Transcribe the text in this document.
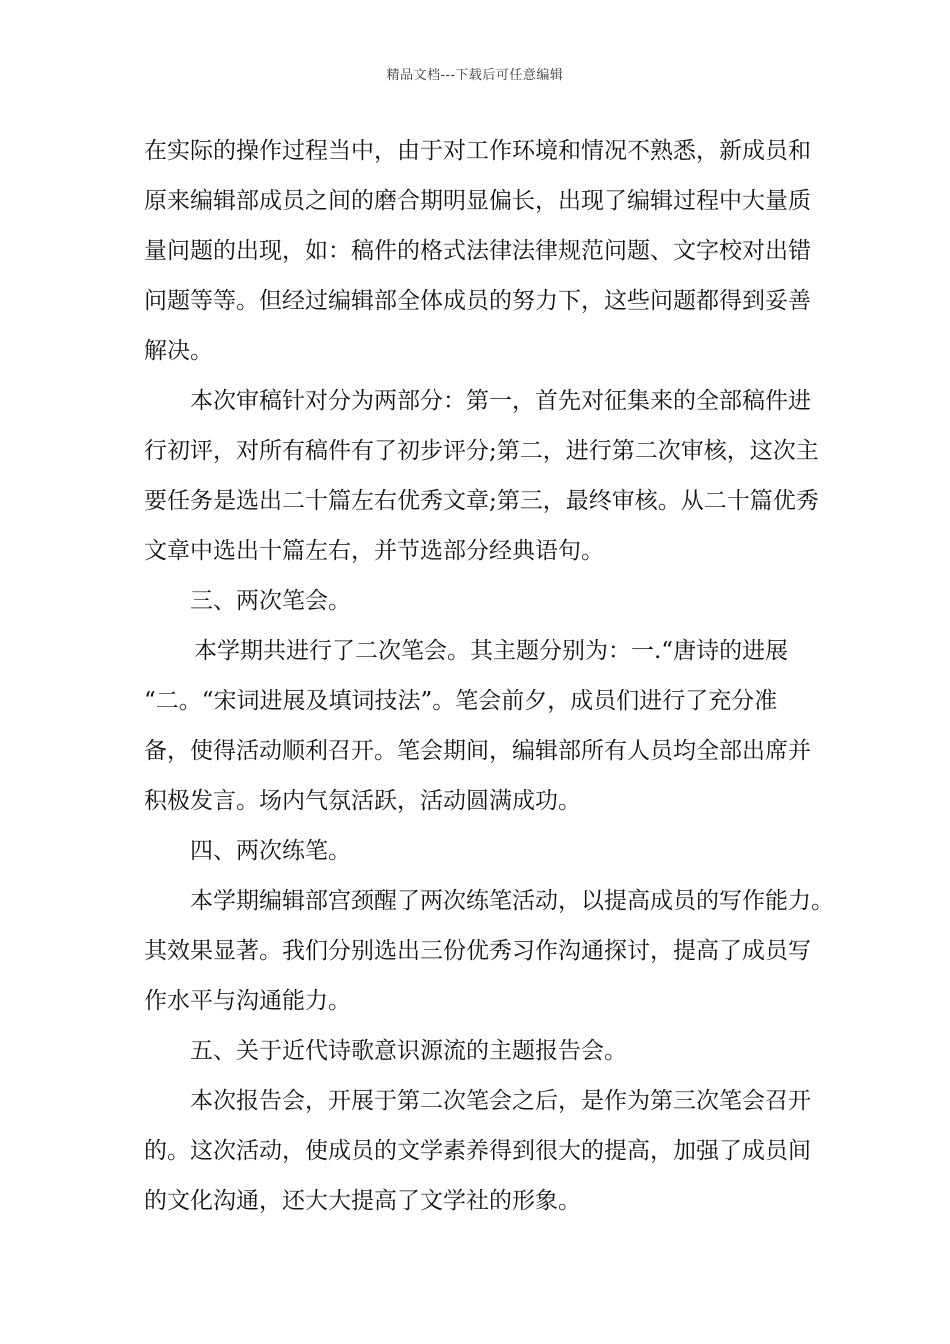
精品文档---下载后可任意编辑
在实际的操作过程当中，由于对工作环境和情况不熟悉，新成员和
原来编辑部成员之间的磨合期明显偏长，出现了编辑过程中大量质
量问题的出现，如：稿件的格式法律法律规范问题、文字校对出错
问题等等。但经过编辑部全体成员的努力下，这些问题都得到妥善
解决。
本次审稿针对分为两部分：第一，首先对征集来的全部稿件进
行初评，对所有稿件有了初步评分;第二，进行第二次审核，这次主
要任务是选出二十篇左右优秀文章;第三，最终审核。从二十篇优秀
文章中选出十篇左右，并节选部分经典语句。
三、两次笔会。
本学期共进行了二次笔会。其主题分别为：一.“唐诗的进展
“二。“宋词进展及填词技法”。笔会前夕，成员们进行了充分准
备，使得活动顺利召开。笔会期间，编辑部所有人员均全部出席并
积极发言。场内气氛活跃，活动圆满成功。
四、两次练笔。
本学期编辑部宫颈醒了两次练笔活动，以提高成员的写作能力。
其效果显著。我们分别选出三份优秀习作沟通探讨，提高了成员写
作水平与沟通能力。
五、关于近代诗歌意识源流的主题报告会。
本次报告会，开展于第二次笔会之后，是作为第三次笔会召开
的。这次活动，使成员的文学素养得到很大的提高，加强了成员间
的文化沟通，还大大提高了文学社的形象。
